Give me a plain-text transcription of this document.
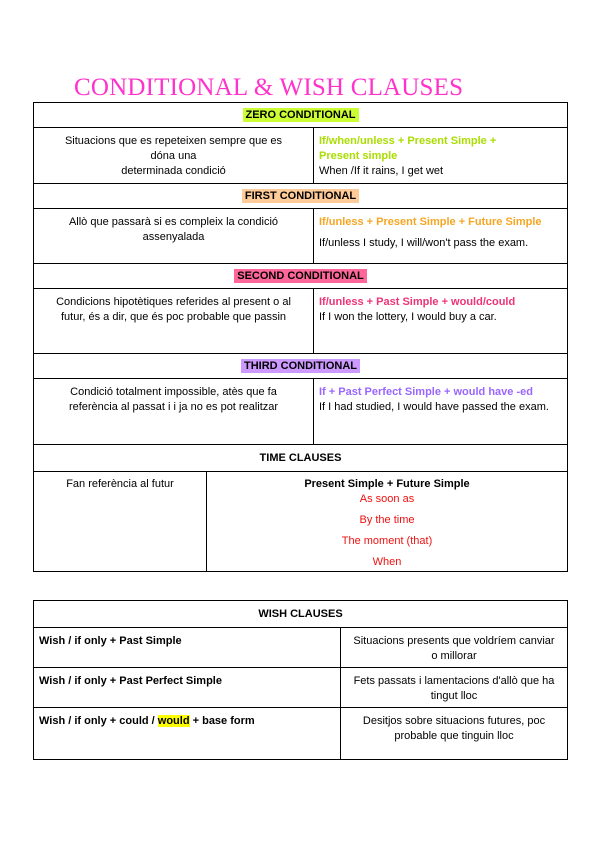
CONDITIONAL & WISH CLAUSES
ZERO CONDITIONAL		

Situacions que es repeteixen sempre que es
dóna una
determinada condició		If/when/unless + Present Simple +
Present simple
When /If it rains, I get wet

FIRST CONDITIONAL		

Allò que passarà si es compleix la condició
assenyalada		If/unless + Present Simple + Future Simple
If/unless I study, I will/won't pass the exam.

SECOND CONDITIONAL		

Condicions hipotètiques referides al present o al
futur, és a dir, que és poc probable que passin		If/unless + Past Simple + would/could
If I won the lottery, I would buy a car.

THIRD CONDITIONAL		

Condició totalment impossible, atès que fa
referència al passat i i ja no es pot realitzar		If + Past Perfect Simple + would have -ed
If I had studied, I would have passed the exam.

TIME CLAUSES		
Fan referència al futur	Present Simple + Future Simple
As soon as
By the time
The moment (that)
When	
WISH CLAUSES	
Wish / if only + Past Simple	Situacions presents que voldríem canviar
o millorar

Wish / if only + Past Perfect Simple	Fets passats i lamentacions d'allò que ha
tingut lloc

Wish / if only + could / would + base form	Desitjos sobre situacions futures, poc
probable que tinguin lloc
